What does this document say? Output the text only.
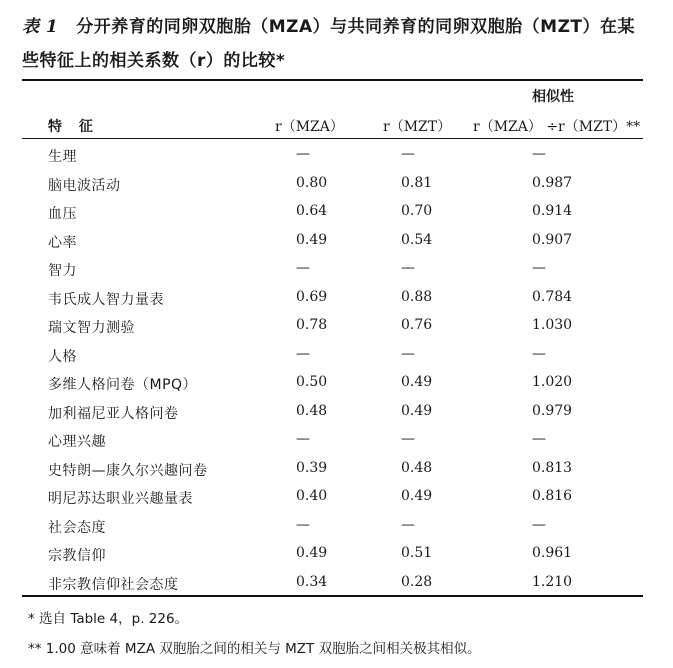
表 1 分开养育的同卵双胞胎（MZA）与共同养育的同卵双胞胎（MZT）在某些特征上的相关系数（r）的比较*
相似性
特 征	r（MZA）	r（MZT） r（MZA） ÷r（MZT）**
生理	—	—	—
脑电波活动	0.80	0.81	0.987
血压	0.64	0.70	0.914
心率	0.49	0.54	0.907
智力	—	—	—
韦氏成人智力量表	0.69	0.88	0.784
瑞文智力测验	0.78	0.76	1.030
人格	—	—	—
多维人格问卷（MPQ）	0.50	0.49	1.020
加利福尼亚人格问卷	0.48	0.49	0.979
心理兴趣	—	—	—
史特朗—康久尔兴趣问卷	0.39	0.48	0.813
明尼苏达职业兴趣量表	0.40	0.49	0.816
社会态度	—	—	—
宗教信仰	0.49	0.51	0.961
非宗教信仰社会态度	0.34	0.28	1.210
* 选自 Table 4，p. 226。
** 1.00 意味着 MZA 双胞胎之间的相关与 MZT 双胞胎之间相关极其相似。
